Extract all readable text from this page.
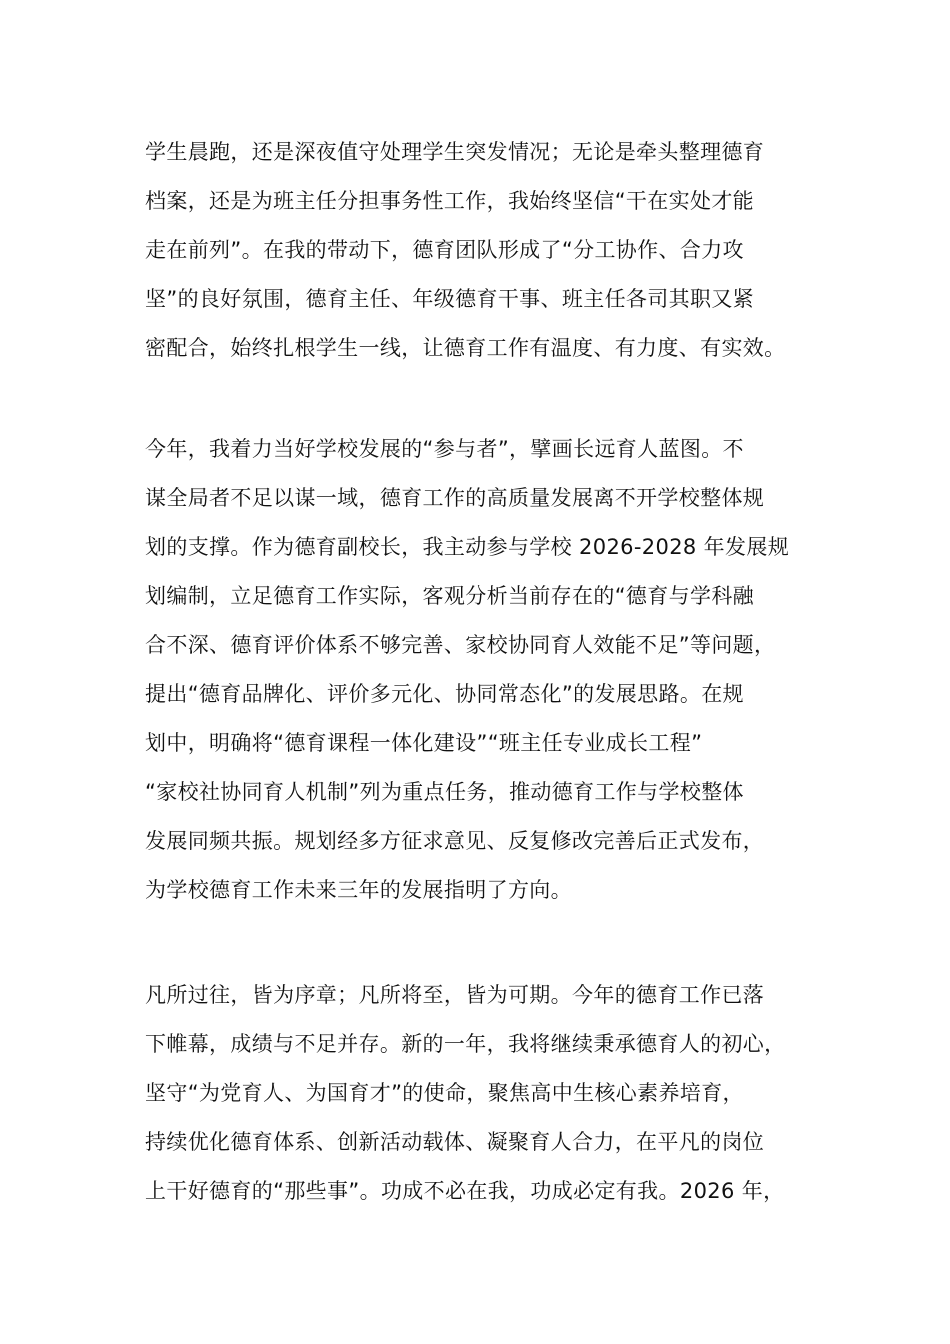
学生晨跑，还是深夜值守处理学生突发情况；无论是牵头整理德育
档案，还是为班主任分担事务性工作，我始终坚信“干在实处才能
走在前列”。在我的带动下，德育团队形成了“分工协作、合力攻
坚”的良好氛围，德育主任、年级德育干事、班主任各司其职又紧
密配合，始终扎根学生一线，让德育工作有温度、有力度、有实效。
今年，我着力当好学校发展的“参与者”，擘画长远育人蓝图。不
谋全局者不足以谋一域，德育工作的高质量发展离不开学校整体规
划的支撑。作为德育副校长，我主动参与学校 2026-2028 年发展规
划编制，立足德育工作实际，客观分析当前存在的“德育与学科融
合不深、德育评价体系不够完善、家校协同育人效能不足”等问题，
提出“德育品牌化、评价多元化、协同常态化”的发展思路。在规
划中，明确将“德育课程一体化建设”“班主任专业成长工程”
“家校社协同育人机制”列为重点任务，推动德育工作与学校整体
发展同频共振。规划经多方征求意见、反复修改完善后正式发布，
为学校德育工作未来三年的发展指明了方向。
凡所过往，皆为序章；凡所将至，皆为可期。今年的德育工作已落
下帷幕，成绩与不足并存。新的一年，我将继续秉承德育人的初心，
坚守“为党育人、为国育才”的使命，聚焦高中生核心素养培育，
持续优化德育体系、创新活动载体、凝聚育人合力，在平凡的岗位
上干好德育的“那些事”。功成不必在我，功成必定有我。2026 年，
